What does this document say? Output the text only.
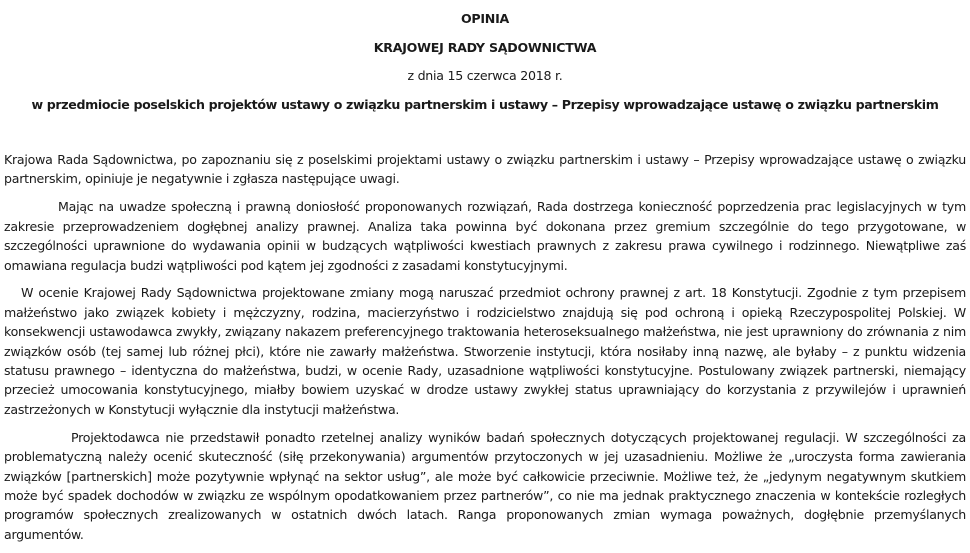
OPINIA
KRAJOWEJ RADY SĄDOWNICTWA
z dnia 15 czerwca 2018 r.
w przedmiocie poselskich projektów ustawy o związku partnerskim i ustawy – Przepisy wprowadzające ustawę o związku partnerskim

Krajowa Rada Sądownictwa, po zapoznaniu się z poselskimi projektami ustawy o związku partnerskim i ustawy – Przepisy wprowadzające ustawę o związku partnerskim, opiniuje je negatywnie i zgłasza następujące uwagi.

Mając na uwadze społeczną i prawną doniosłość proponowanych rozwiązań, Rada dostrzega konieczność poprzedzenia prac legislacyjnych w tym zakresie przeprowadzeniem dogłębnej analizy prawnej. Analiza taka powinna być dokonana przez gremium szczególnie do tego przygotowane, w szczególności uprawnione do wydawania opinii w budzących wątpliwości kwestiach prawnych z zakresu prawa cywilnego i rodzinnego. Niewątpliwe zaś omawiana regulacja budzi wątpliwości pod kątem jej zgodności z zasadami konstytucyjnymi.

W ocenie Krajowej Rady Sądownictwa projektowane zmiany mogą naruszać przedmiot ochrony prawnej z art. 18 Konstytucji. Zgodnie z tym przepisem małżeństwo jako związek kobiety i mężczyzny, rodzina, macierzyństwo i rodzicielstwo znajdują się pod ochroną i opieką Rzeczypospolitej Polskiej. W konsekwencji ustawodawca zwykły, związany nakazem preferencyjnego traktowania heteroseksualnego małżeństwa, nie jest uprawniony do zrównania z nim związków osób (tej samej lub różnej płci), które nie zawarły małżeństwa. Stworzenie instytucji, która nosiłaby inną nazwę, ale byłaby – z punktu widzenia statusu prawnego – identyczna do małżeństwa, budzi, w ocenie Rady, uzasadnione wątpliwości konstytucyjne. Postulowany związek partnerski, niemający przecież umocowania konstytucyjnego, miałby bowiem uzyskać w drodze ustawy zwykłej status uprawniający do korzystania z przywilejów i uprawnień zastrzeżonych w Konstytucji wyłącznie dla instytucji małżeństwa.

Projektodawca nie przedstawił ponadto rzetelnej analizy wyników badań społecznych dotyczących projektowanej regulacji. W szczególności za problematyczną należy ocenić skuteczność (siłę przekonywania) argumentów przytoczonych w jej uzasadnieniu. Możliwe że „uroczysta forma zawierania związków [partnerskich] może pozytywnie wpłynąć na sektor usług”, ale może być całkowicie przeciwnie. Możliwe też, że „jedynym negatywnym skutkiem może być spadek dochodów w związku ze wspólnym opodatkowaniem przez partnerów”, co nie ma jednak praktycznego znaczenia w kontekście rozległych programów społecznych zrealizowanych w ostatnich dwóch latach. Ranga proponowanych zmian wymaga poważnych, dogłębnie przemyślanych argumentów.
